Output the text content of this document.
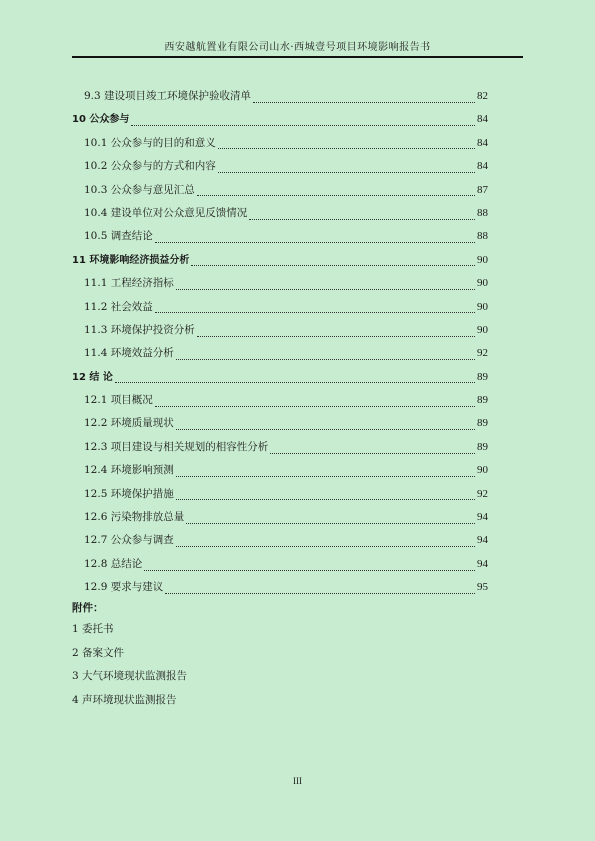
西安越航置业有限公司山水·西城壹号项目环境影响报告书
9.3 建设项目竣工环境保护验收清单	82
10 公众参与	84
10.1 公众参与的目的和意义	84
10.2 公众参与的方式和内容	84
10.3 公众参与意见汇总	87
10.4 建设单位对公众意见反馈情况	88
10.5 调查结论	88
11 环境影响经济损益分析	90
11.1 工程经济指标	90
11.2 社会效益	90
11.3 环境保护投资分析	90
11.4 环境效益分析	92
12 结 论	89
12.1 项目概况	89
12.2 环境质量现状	89
12.3 项目建设与相关规划的相容性分析	89
12.4 环境影响预测	90
12.5 环境保护措施	92
12.6 污染物排放总量	94
12.7 公众参与调查	94
12.8 总结论	94
12.9 要求与建议	95
附件：
1 委托书
2 备案文件
3 大气环境现状监测报告
4 声环境现状监测报告
III
